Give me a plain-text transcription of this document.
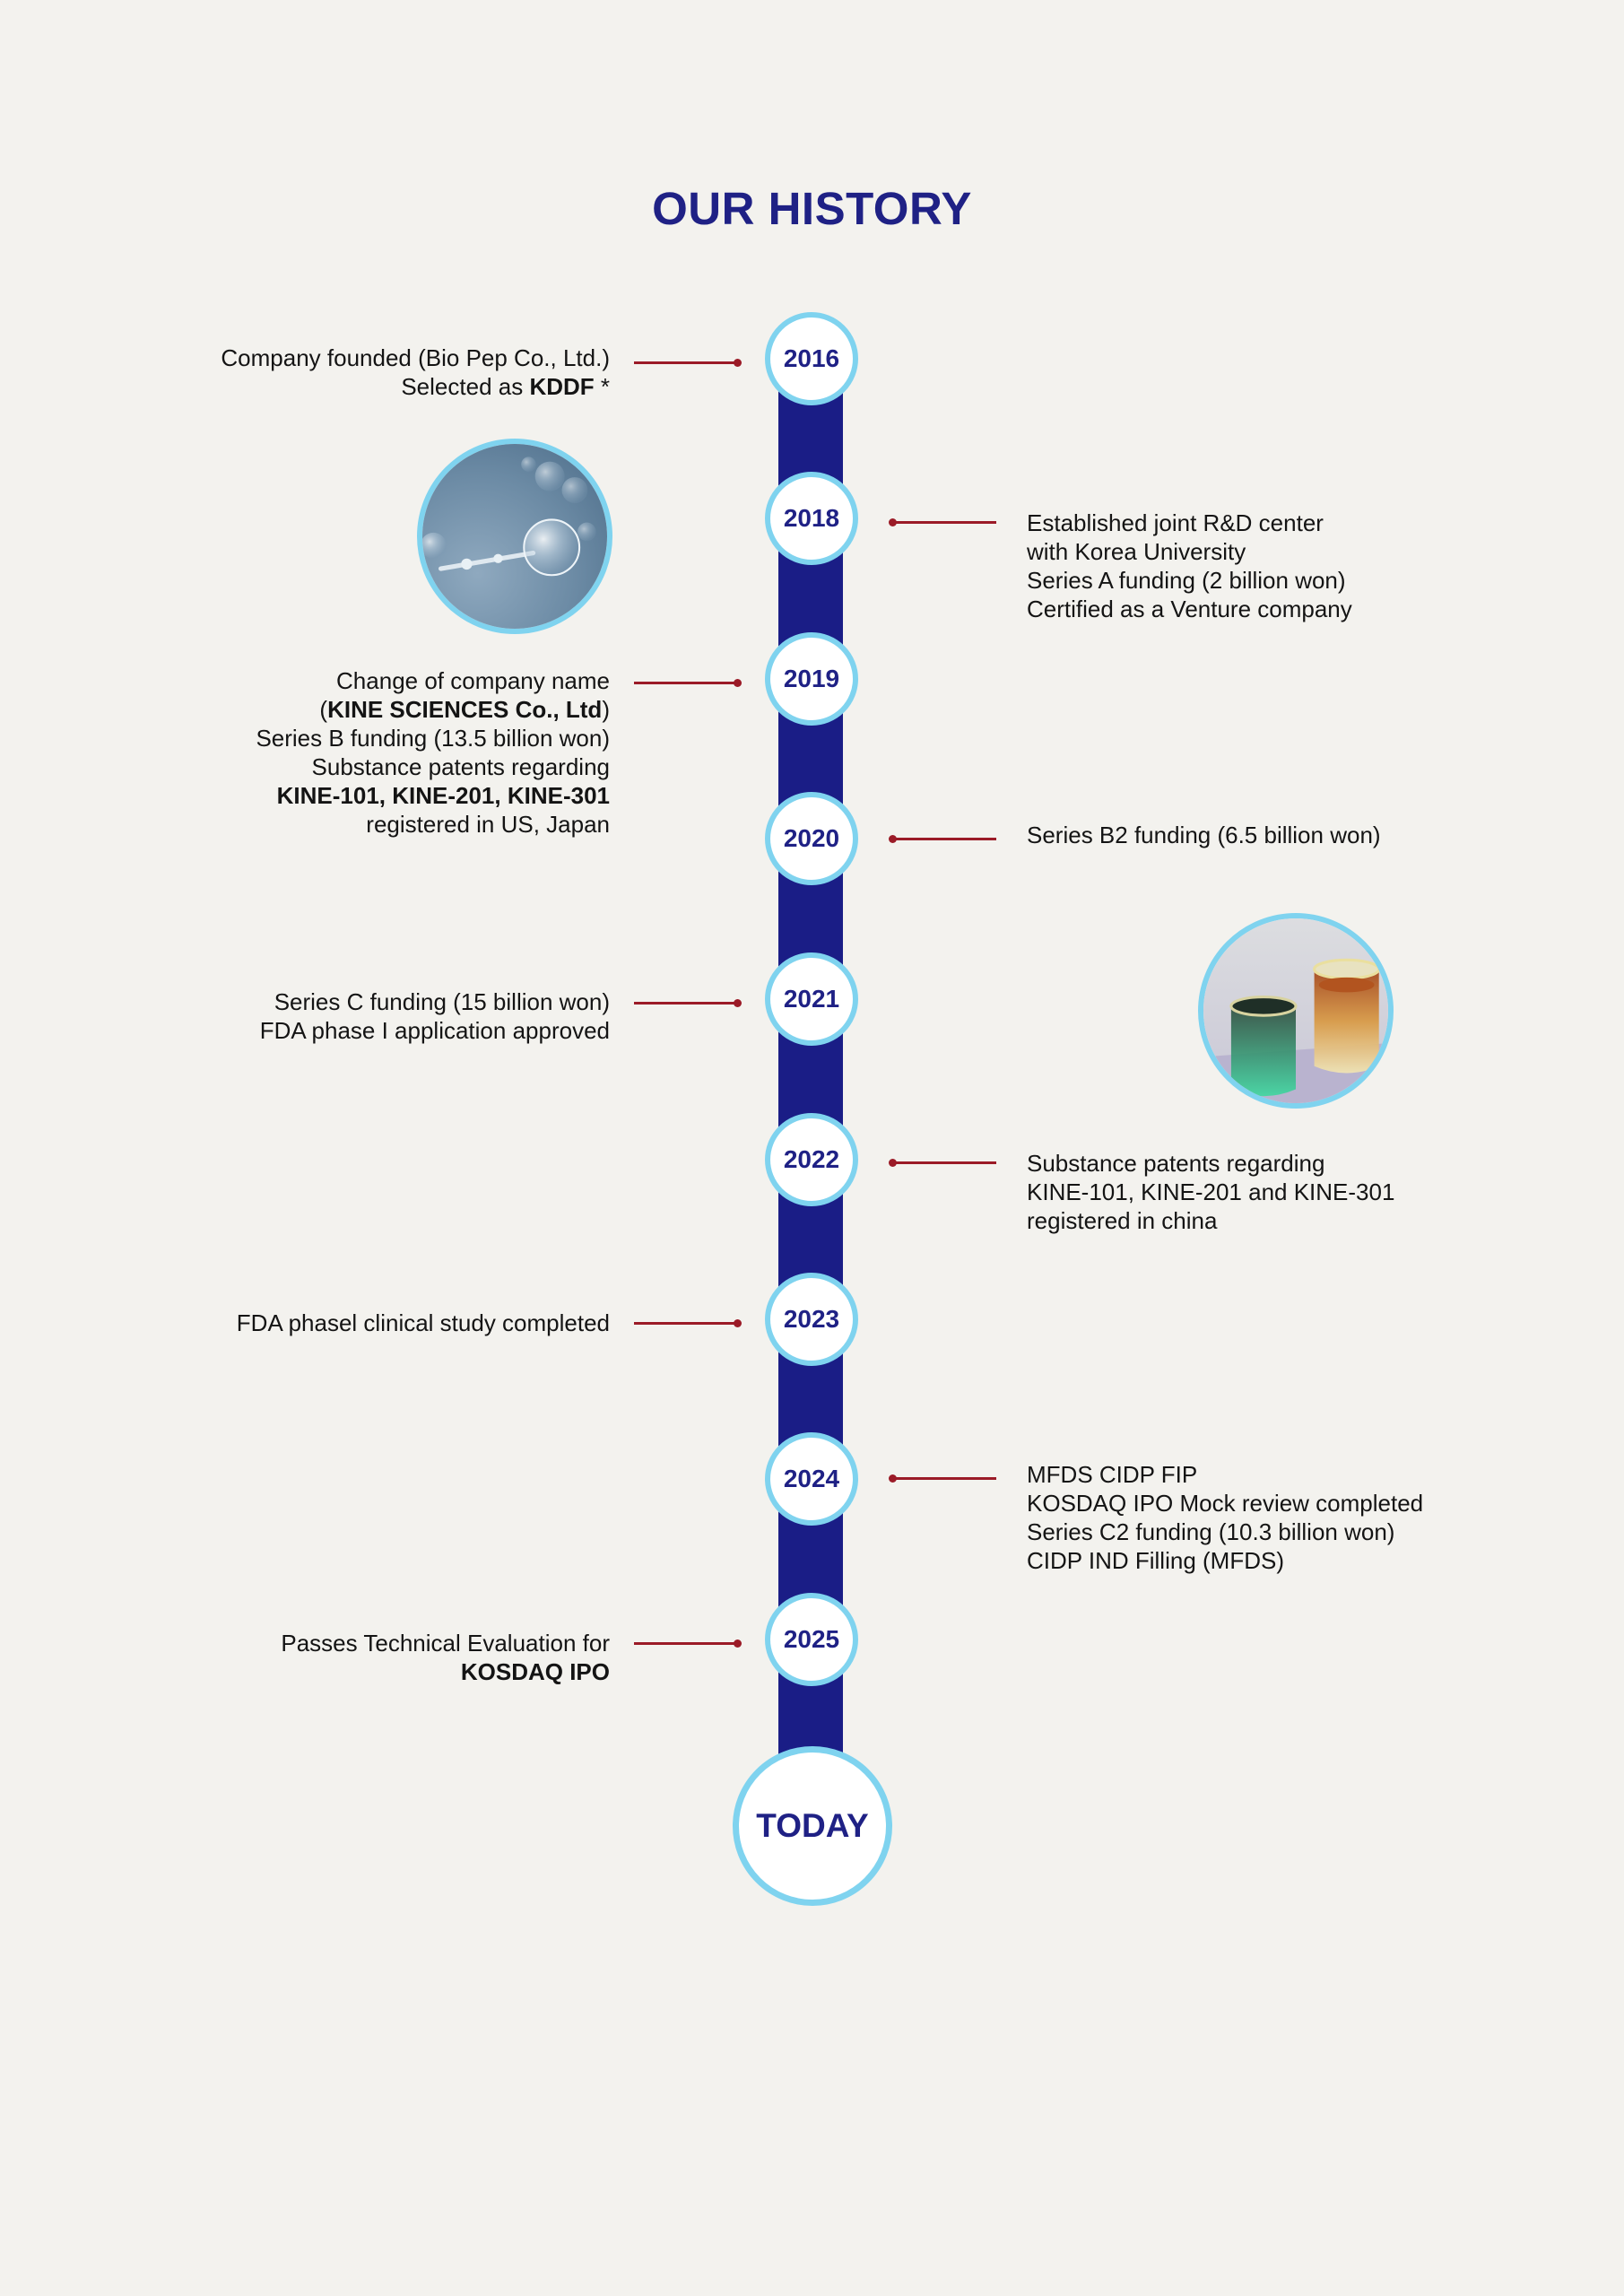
OUR HISTORY
2016
2018
2019
2020
2021
2022
2023
2024
2025
TODAY
Company founded (Bio Pep Co., Ltd.)
Selected as KDDF *
Established joint R&D center
with Korea University
Series A funding (2 billion won)
Certified as a Venture company
Change of company name
(KINE SCIENCES Co., Ltd)
Series B funding (13.5 billion won)
Substance patents regarding
KINE-101, KINE-201, KINE-301
registered in US, Japan	Series B2 funding (6.5 billion won)
Series C funding (15 billion won)
FDA phase I application approved
Substance patents regarding
KINE-101, KINE-201 and KINE-301
registered in china
FDA phasel clinical study completed
MFDS CIDP FIP
KOSDAQ IPO Mock review completed
Series C2 funding (10.3 billion won)
CIDP IND Filling (MFDS)
Passes Technical Evaluation for
KOSDAQ IPO
